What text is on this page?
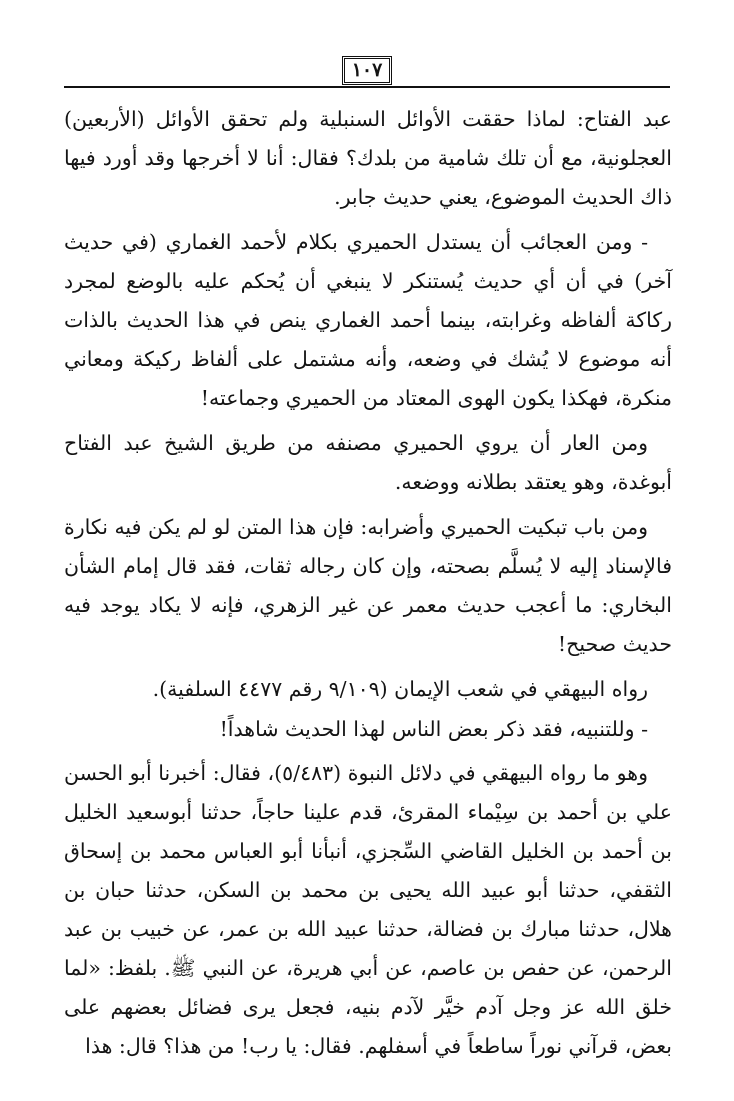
١٠٧

عبد الفتاح: لماذا حققت الأوائل السنبلية ولم تحقق الأوائل (الأربعين) العجلونية، مع أن تلك شامية من بلدك؟ فقال: أنا لا أخرجها وقد أورد فيها ذاك الحديث الموضوع، يعني حديث جابر.

- ومن العجائب أن يستدل الحميري بكلام لأحمد الغماري (في حديث آخر) في أن أي حديث يُستنكر لا ينبغي أن يُحكم عليه بالوضع لمجرد ركاكة ألفاظه وغرابته، بينما أحمد الغماري ينص في هذا الحديث بالذات أنه موضوع لا يُشك في وضعه، وأنه مشتمل على ألفاظ ركيكة ومعاني منكرة، فهكذا يكون الهوى المعتاد من الحميري وجماعته!

ومن العار أن يروي الحميري مصنفه من طريق الشيخ عبد الفتاح أبوغدة، وهو يعتقد بطلانه ووضعه.

ومن باب تبكيت الحميري وأضرابه: فإن هذا المتن لو لم يكن فيه نكارة فالإسناد إليه لا يُسلَّم بصحته، وإن كان رجاله ثقات، فقد قال إمام الشأن البخاري: ما أعجب حديث معمر عن غير الزهري، فإنه لا يكاد يوجد فيه حديث صحيح!

رواه البيهقي في شعب الإيمان (٩/١٠٩ رقم ٤٤٧٧ السلفية).

- وللتنبيه، فقد ذكر بعض الناس لهذا الحديث شاهداً!

وهو ما رواه البيهقي في دلائل النبوة (٥/٤٨٣)، فقال: أخبرنا أبو الحسن علي بن أحمد بن سِيْماء المقرئ، قدم علينا حاجاً، حدثنا أبوسعيد الخليل بن أحمد بن الخليل القاضي السِّجزي، أنبأنا أبو العباس محمد بن إسحاق الثقفي، حدثنا أبو عبيد الله يحيى بن محمد بن السكن، حدثنا حبان بن هلال، حدثنا مبارك بن فضالة، حدثنا عبيد الله بن عمر، عن خبيب بن عبد الرحمن، عن حفص بن عاصم، عن أبي هريرة، عن النبي ﷺ. بلفظ: «لما خلق الله عز وجل آدم خيَّر لآدم بنيه، فجعل يرى فضائل بعضهم على بعض، قرآني نوراً ساطعاً في أسفلهم. فقال: يا رب! من هذا؟ قال: هذا
